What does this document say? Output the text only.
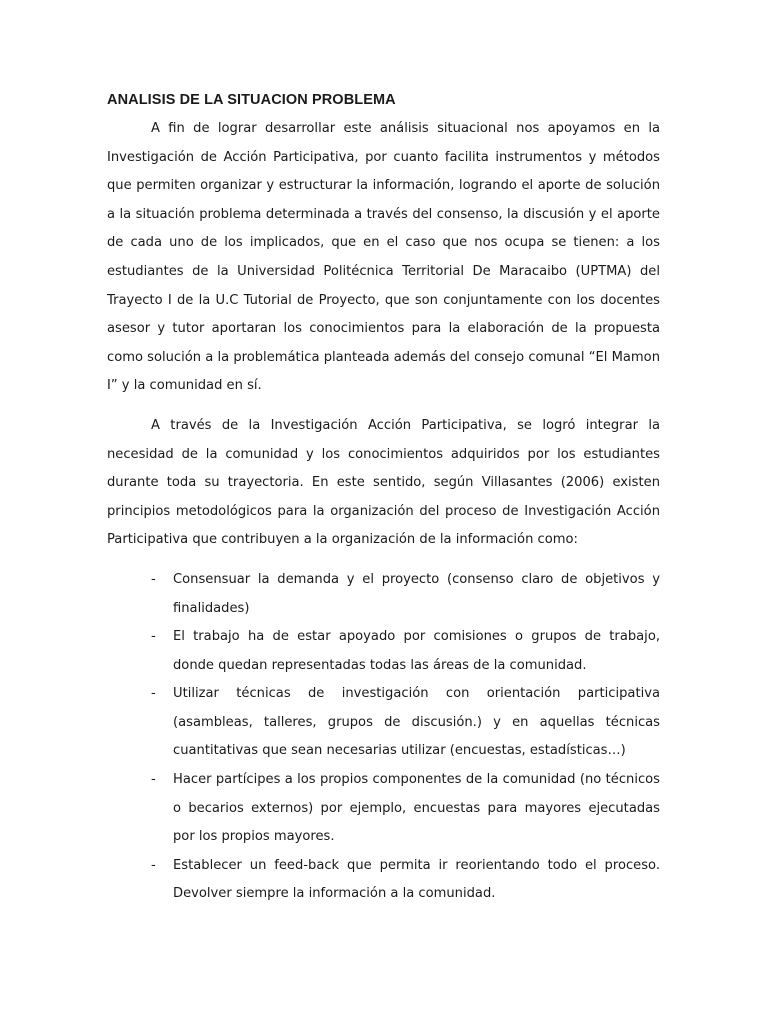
ANALISIS DE LA SITUACION PROBLEMA

A fin de lograr desarrollar este análisis situacional nos apoyamos en la Investigación de Acción Participativa, por cuanto facilita instrumentos y métodos que permiten organizar y estructurar la información, logrando el aporte de solución a la situación problema determinada a través del consenso, la discusión y el aporte de cada uno de los implicados, que en el caso que nos ocupa se tienen: a los estudiantes de la Universidad Politécnica Territorial De Maracaibo (UPTMA) del Trayecto I de la U.C Tutorial de Proyecto, que son conjuntamente con los docentes asesor y tutor aportaran los conocimientos para la elaboración de la propuesta como solución a la problemática planteada además del consejo comunal “El Mamon I” y la comunidad en sí.

A través de la Investigación Acción Participativa, se logró integrar la necesidad de la comunidad y los conocimientos adquiridos por los estudiantes durante toda su trayectoria. En este sentido, según Villasantes (2006) existen principios metodológicos para la organización del proceso de Investigación Acción Participativa que contribuyen a la organización de la información como:

- Consensuar la demanda y el proyecto (consenso claro de objetivos y finalidades)
- El trabajo ha de estar apoyado por comisiones o grupos de trabajo, donde quedan representadas todas las áreas de la comunidad.
- Utilizar técnicas de investigación con orientación participativa (asambleas, talleres, grupos de discusión.) y en aquellas técnicas cuantitativas que sean necesarias utilizar (encuestas, estadísticas…)
- Hacer partícipes a los propios componentes de la comunidad (no técnicos o becarios externos) por ejemplo, encuestas para mayores ejecutadas por los propios mayores.
- Establecer un feed-back que permita ir reorientando todo el proceso. Devolver siempre la información a la comunidad.
